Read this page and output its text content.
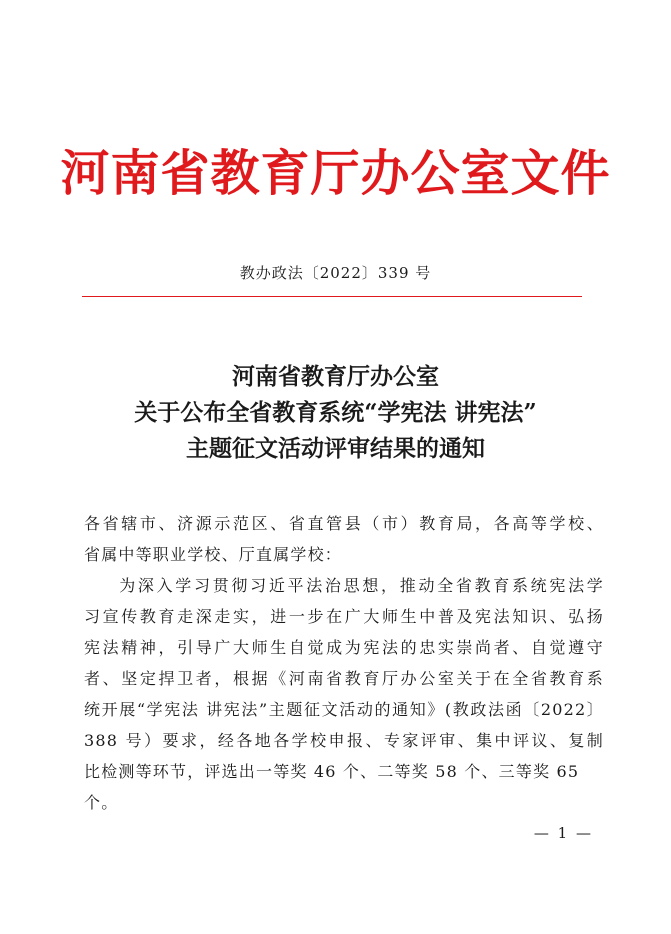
河南省教育厅办公室文件
教办政法〔2022〕339 号
河南省教育厅办公室
关于公布全省教育系统“学宪法 讲宪法”
主题征文活动评审结果的通知

各省辖市、济源示范区、省直管县（市）教育局，各高等学校、

省属中等职业学校、厅直属学校：

为深入学习贯彻习近平法治思想，推动全省教育系统宪法学

习宣传教育走深走实，进一步在广大师生中普及宪法知识、弘扬

宪法精神，引导广大师生自觉成为宪法的忠实崇尚者、自觉遵守

者、坚定捍卫者，根据《河南省教育厅办公室关于在全省教育系

统开展“学宪法 讲宪法”主题征文活动的通知》(教政法函〔2022〕

388 号）要求，经各地各学校申报、专家评审、集中评议、复制

比检测等环节，评选出一等奖 46 个、二等奖 58 个、三等奖 65 个。

— 1 —
